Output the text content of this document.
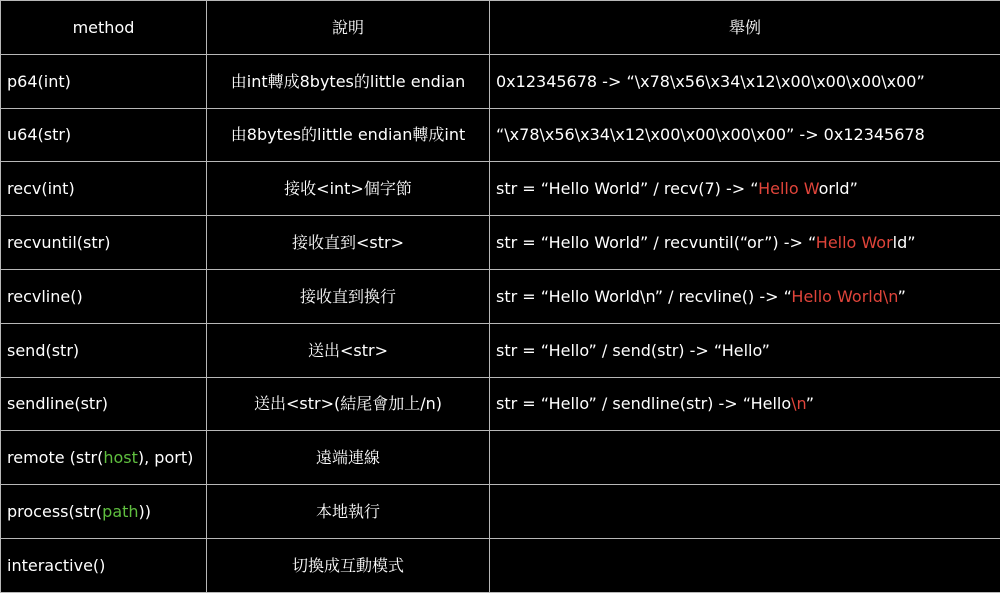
method	說明	舉例
p64(int)	由int轉成8bytes的little endian	0x12345678 -> “\x78\x56\x34\x12\x00\x00\x00\x00”
u64(str)	由8bytes的little endian轉成int	“\x78\x56\x34\x12\x00\x00\x00\x00” -> 0x12345678
recv(int)	接收<int>個字節	str = “Hello World” / recv(7) -> “Hello World”
recvuntil(str)	接收直到<str>	str = “Hello World” / recvuntil(“or”) -> “Hello World”
recvline()	接收直到換行	str = “Hello World\n” / recvline() -> “Hello World\n”
send(str)	送出<str>	str = “Hello” / send(str) -> “Hello”
sendline(str)	送出<str>(結尾會加上/n)	str = “Hello” / sendline(str) -> “Hello\n”
remote (str(host), port)	遠端連線	
process(str(path))	本地執行	
interactive()	切換成互動模式	
